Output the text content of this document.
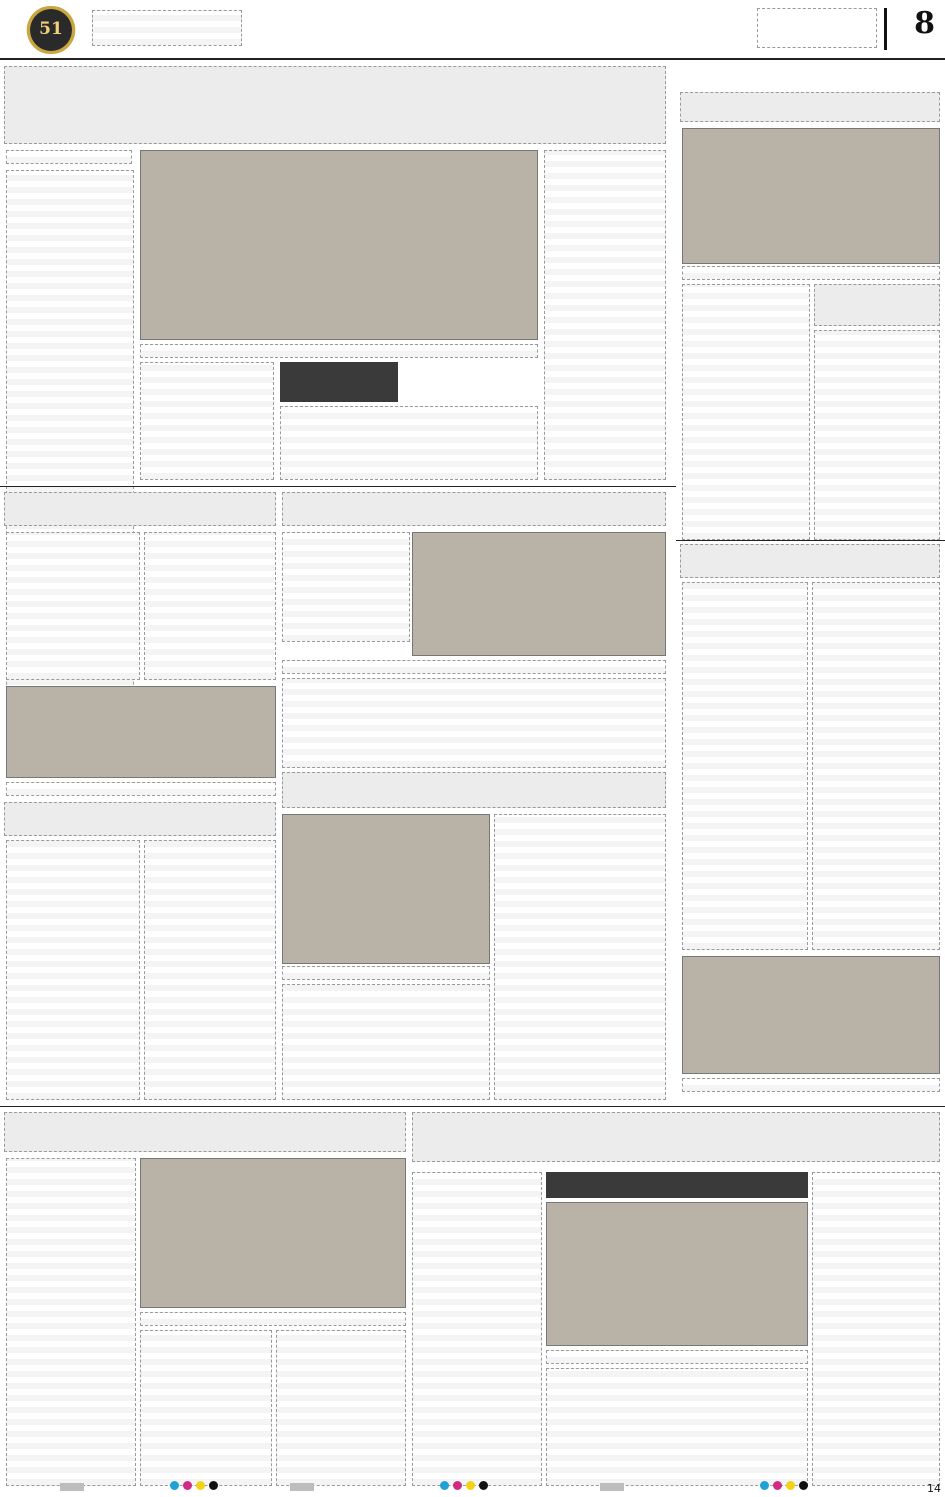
51	8
14
